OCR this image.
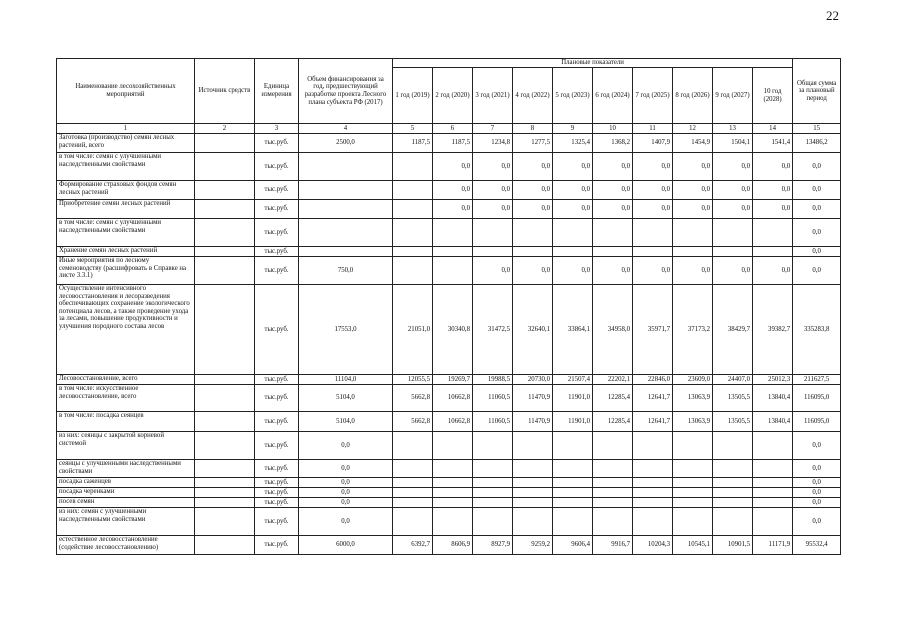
22
Наименование лесохозяйственных мероприятий	Источник средств	Единица измерения	Объем финансирования за год, предшествующий разработке проекта Лесного плана субъекта РФ (2017)	Плановые показатели										Общая сумма за плановый период
				1 год (2019)	2 год (2020)	3 год (2021)	4 год (2022)	5 год (2023)	6 год (2024)	7 год (2025)	8 год (2026)	9 год (2027)	10 год (2028)	
1	2	3	4	5	6	7	8	9	10	11	12	13	14	15
Заготовка (производство) семян лесных растений, всего		тыс.руб.	2500,0	1187,5	1187,5	1234,8	1277,5	1325,4	1368,2	1407,9	1454,9	1504,1	1541,4	13486,2
в том числе: семян с улучшенными наследственными свойствами		тыс.руб.			0,0	0,0	0,0	0,0	0,0	0,0	0,0	0,0	0,0	0,0
Формирование страховых фондов семян лесных растений		тыс.руб.			0,0	0,0	0,0	0,0	0,0	0,0	0,0	0,0	0,0	0,0
Приобретение семян лесных растений		тыс.руб.			0,0	0,0	0,0	0,0	0,0	0,0	0,0	0,0	0,0	0,0
в том числе: семян с улучшенными наследственными свойствами		тыс.руб.												0,0
Хранение семян лесных растений		тыс.руб.												0,0
Иные мероприятия по лесному семеноводству (расшифровать в Справке на листе 3.3.1)		тыс.руб.	750,0			0,0	0,0	0,0	0,0	0,0	0,0	0,0	0,0	0,0
Осуществление интенсивного лесовосстановления и лесоразведения обеспечивающих сохранение экологического потенциала лесов, а также проведение ухода за лесами, повышение продуктивности и улучшения породного состава лесов		тыс.руб.	17553,0	21051,0	30340,8	31472,5	32640,1	33864,1	34958,0	35971,7	37173,2	38429,7	39382,7	335283,8
Лесовосстановление, всего		тыс.руб.	11104,0	12055,5	19269,7	19988,5	20730,0	21507,4	22202,1	22846,0	23609,0	24407,0	25012,3	211627,5
в том числе: искусственное лесовосстановление, всего		тыс.руб.	5104,0	5662,8	10662,8	11060,5	11470,9	11901,0	12285,4	12641,7	13063,9	13505,5	13840,4	116095,0
в том числе: посадка сеянцев		тыс.руб.	5104,0	5662,8	10662,8	11060,5	11470,9	11901,0	12285,4	12641,7	13063,9	13505,5	13840,4	116095,0
из них: сеянцы с закрытой корневой системой		тыс.руб.	0,0											0,0
сеянцы с улучшенными наследственными свойствами		тыс.руб.	0,0											0,0
посадка саженцев		тыс.руб.	0,0											0,0
посадка черенками		тыс.руб.	0,0											0,0
посев семян		тыс.руб.	0,0											0,0
из них: семян с улучшенными наследственными свойствами		тыс.руб.	0,0											0,0
естественное лесовосстановление (содействие лесовосстановлению)		тыс.руб.	6000,0	6392,7	8606,9	8927,9	9259,2	9606,4	9916,7	10204,3	10545,1	10901,5	11171,9	95532,4
